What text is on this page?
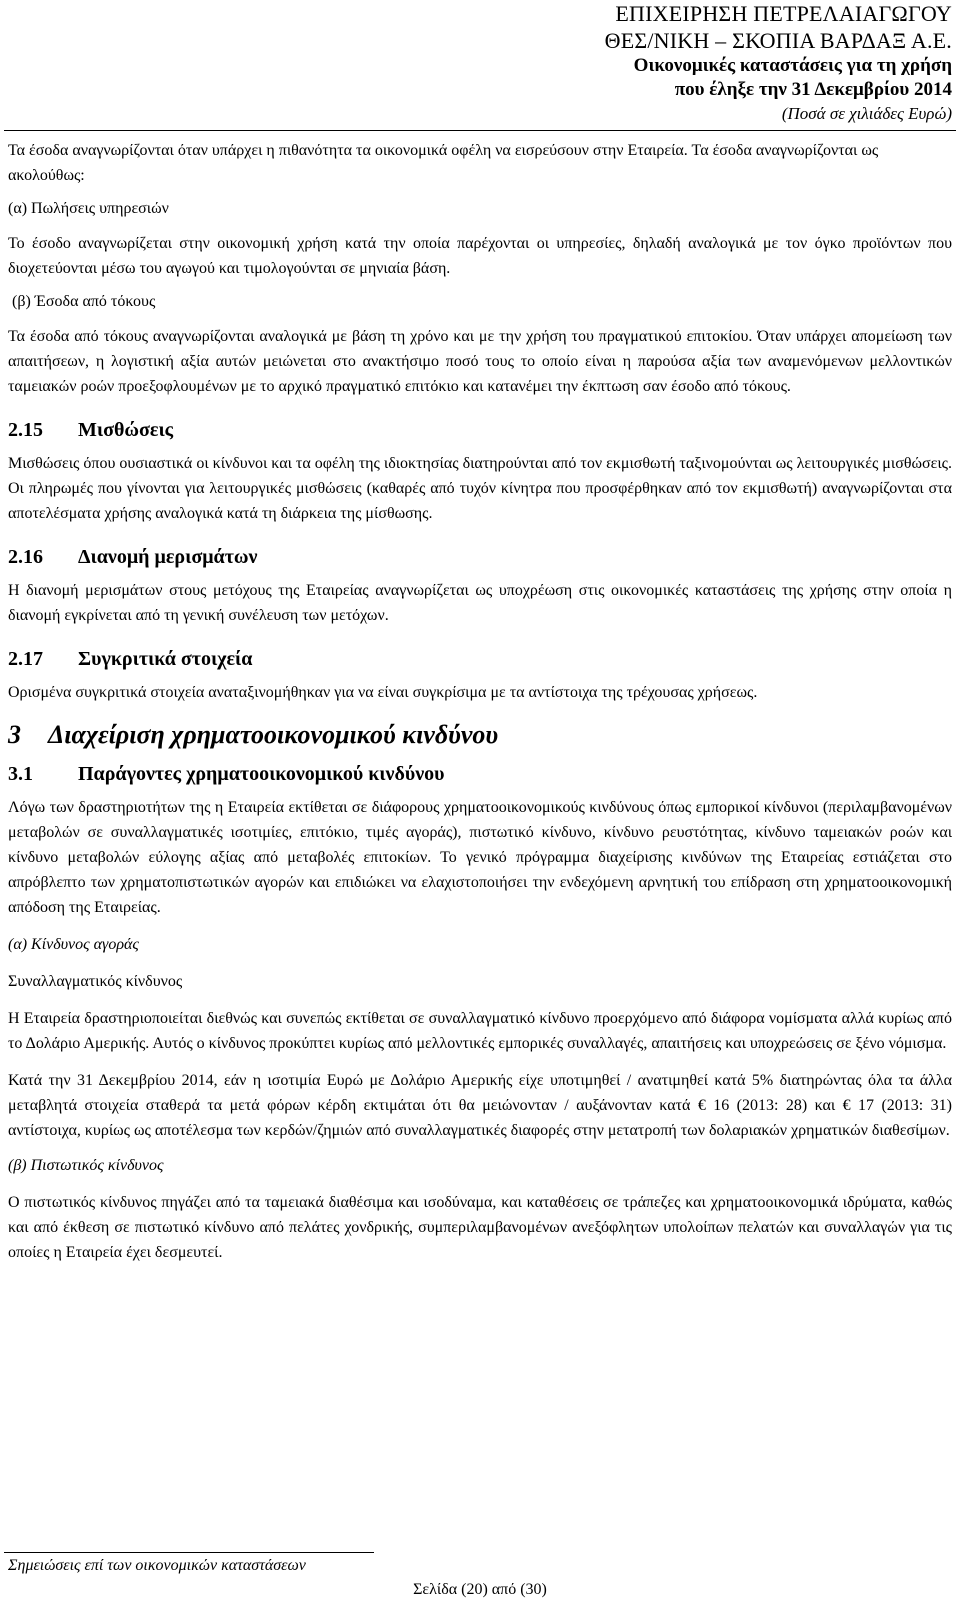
ΕΠΙΧΕΙΡΗΣΗ ΠΕΤΡΕΛΑΙΑΓΩΓΟΥ
ΘΕΣ/ΝΙΚΗ – ΣΚΟΠΙΑ ΒΑΡΔΑΞ Α.Ε.
Οικονομικές καταστάσεις για τη χρήση
που έληξε την 31 Δεκεμβρίου 2014
(Ποσά σε χιλιάδες Ευρώ)

Τα έσοδα αναγνωρίζονται όταν υπάρχει η πιθανότητα τα οικονομικά οφέλη να εισρεύσουν στην Εταιρεία. Τα έσοδα αναγνωρίζονται ως ακολούθως:

(α) Πωλήσεις υπηρεσιών

Το έσοδο αναγνωρίζεται στην οικονομική χρήση κατά την οποία παρέχονται οι υπηρεσίες, δηλαδή αναλογικά με τον όγκο προϊόντων που διοχετεύονται μέσω του αγωγού και τιμολογούνται σε μηνιαία βάση.

(β) Έσοδα από τόκους

Τα έσοδα από τόκους αναγνωρίζονται αναλογικά με βάση τη χρόνο και με την χρήση του πραγματικού επιτοκίου. Όταν υπάρχει απομείωση των απαιτήσεων, η λογιστική αξία αυτών μειώνεται στο ανακτήσιμο ποσό τους το οποίο είναι η παρούσα αξία των αναμενόμενων μελλοντικών ταμειακών ροών προεξοφλουμένων με το αρχικό πραγματικό επιτόκιο και κατανέμει την έκπτωση σαν έσοδο από τόκους.

2.15 Μισθώσεις

Μισθώσεις όπου ουσιαστικά οι κίνδυνοι και τα οφέλη της ιδιοκτησίας διατηρούνται από τον εκμισθωτή ταξινομούνται ως λειτουργικές μισθώσεις. Οι πληρωμές που γίνονται για λειτουργικές μισθώσεις (καθαρές από τυχόν κίνητρα που προσφέρθηκαν από τον εκμισθωτή) αναγνωρίζονται στα αποτελέσματα χρήσης αναλογικά κατά τη διάρκεια της μίσθωσης.

2.16 Διανομή μερισμάτων

Η διανομή μερισμάτων στους μετόχους της Εταιρείας αναγνωρίζεται ως υποχρέωση στις οικονομικές καταστάσεις της χρήσης στην οποία η διανομή εγκρίνεται από τη γενική συνέλευση των μετόχων.

2.17 Συγκριτικά στοιχεία

Ορισμένα συγκριτικά στοιχεία αναταξινομήθηκαν για να είναι συγκρίσιμα με τα αντίστοιχα της τρέχουσας χρήσεως.

3 Διαχείριση χρηματοοικονομικού κινδύνου
3.1 Παράγοντες χρηματοοικονομικού κινδύνου

Λόγω των δραστηριοτήτων της η Εταιρεία εκτίθεται σε διάφορους χρηματοοικονομικούς κινδύνους όπως εμπορικοί κίνδυνοι (περιλαμβανομένων μεταβολών σε συναλλαγματικές ισοτιμίες, επιτόκιο, τιμές αγοράς), πιστωτικό κίνδυνο, κίνδυνο ρευστότητας, κίνδυνο ταμειακών ροών και κίνδυνο μεταβολών εύλογης αξίας από μεταβολές επιτοκίων. Το γενικό πρόγραμμα διαχείρισης κινδύνων της Εταιρείας εστιάζεται στο απρόβλεπτο των χρηματοπιστωτικών αγορών και επιδιώκει να ελαχιστοποιήσει την ενδεχόμενη αρνητική του επίδραση στη χρηματοοικονομική απόδοση της Εταιρείας.

(α) Κίνδυνος αγοράς

Συναλλαγματικός κίνδυνος

Η Εταιρεία δραστηριοποιείται διεθνώς και συνεπώς εκτίθεται σε συναλλαγματικό κίνδυνο προερχόμενο από διάφορα νομίσματα αλλά κυρίως από το Δολάριο Αμερικής. Αυτός ο κίνδυνος προκύπτει κυρίως από μελλοντικές εμπορικές συναλλαγές, απαιτήσεις και υποχρεώσεις σε ξένο νόμισμα.

Κατά την 31 Δεκεμβρίου 2014, εάν η ισοτιμία Ευρώ με Δολάριο Αμερικής είχε υποτιμηθεί / ανατιμηθεί κατά 5% διατηρώντας όλα τα άλλα μεταβλητά στοιχεία σταθερά τα μετά φόρων κέρδη εκτιμάται ότι θα μειώνονταν / αυξάνονταν κατά € 16 (2013: 28) και € 17 (2013: 31) αντίστοιχα, κυρίως ως αποτέλεσμα των κερδών/ζημιών από συναλλαγματικές διαφορές στην μετατροπή των δολαριακών χρηματικών διαθεσίμων.

(β) Πιστωτικός κίνδυνος

Ο πιστωτικός κίνδυνος πηγάζει από τα ταμειακά διαθέσιμα και ισοδύναμα, και καταθέσεις σε τράπεζες και χρηματοοικονομικά ιδρύματα, καθώς και από έκθεση σε πιστωτικό κίνδυνο από πελάτες χονδρικής, συμπεριλαμβανομένων ανεξόφλητων υπολοίπων πελατών και συναλλαγών για τις οποίες η Εταιρεία έχει δεσμευτεί.

Σημειώσεις επί των οικονομικών καταστάσεων
Σελίδα (20) από (30)
